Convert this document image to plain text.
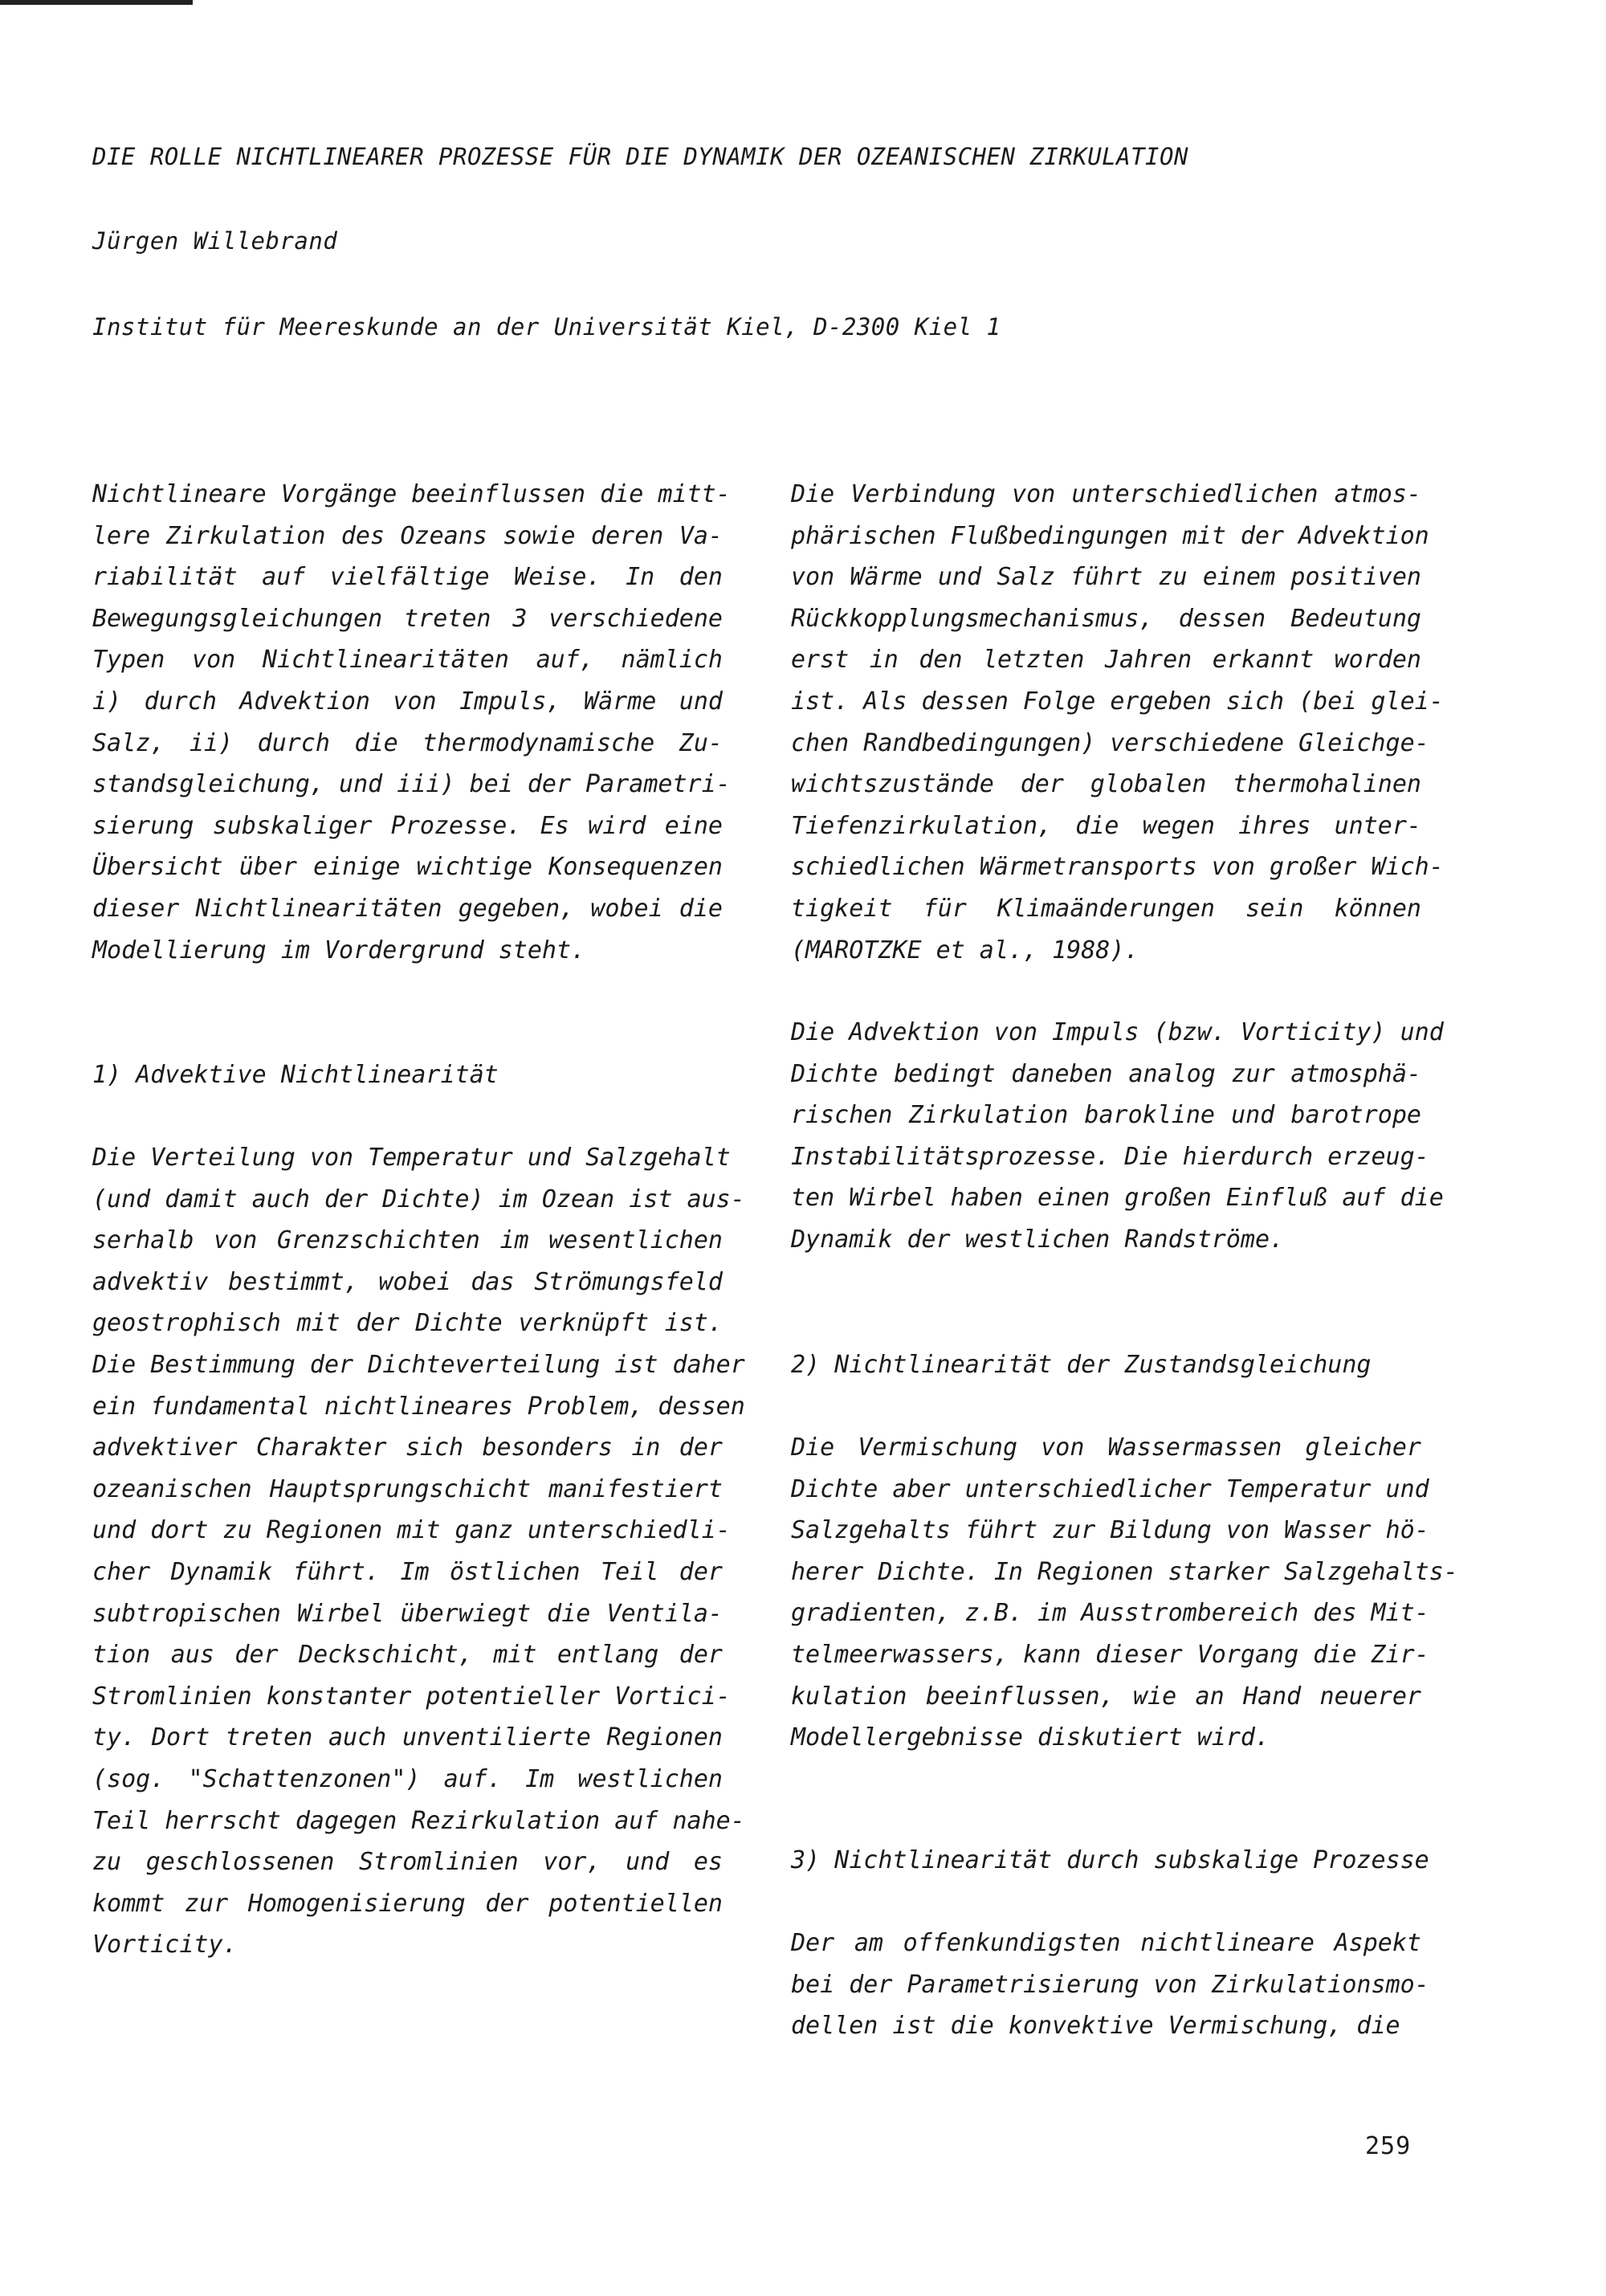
DIE ROLLE NICHTLINEARER PROZESSE FÜR DIE DYNAMIK DER OZEANISCHEN ZIRKULATION
Jürgen Willebrand
Institut für Meereskunde an der Universität Kiel, D-2300 Kiel 1
Nichtlineare Vorgänge beeinflussen die mitt-
lere Zirkulation des Ozeans sowie deren Va-
riabilität auf vielfältige Weise. In den
Bewegungsgleichungen treten 3 verschiedene
Typen von Nichtlinearitäten auf, nämlich
i) durch Advektion von Impuls, Wärme und
Salz, ii) durch die thermodynamische Zu-
standsgleichung, und iii) bei der Parametri-
sierung subskaliger Prozesse. Es wird eine
Übersicht über einige wichtige Konsequenzen
dieser Nichtlinearitäten gegeben, wobei die
Modellierung im Vordergrund steht.
1) Advektive Nichtlinearität
Die Verteilung von Temperatur und Salzgehalt
(und damit auch der Dichte) im Ozean ist aus-
serhalb von Grenzschichten im wesentlichen
advektiv bestimmt, wobei das Strömungsfeld
geostrophisch mit der Dichte verknüpft ist.
Die Bestimmung der Dichteverteilung ist daher
ein fundamental nichtlineares Problem, dessen
advektiver Charakter sich besonders in der
ozeanischen Hauptsprungschicht manifestiert
und dort zu Regionen mit ganz unterschiedli-
cher Dynamik führt. Im östlichen Teil der
subtropischen Wirbel überwiegt die Ventila-
tion aus der Deckschicht, mit entlang der
Stromlinien konstanter potentieller Vortici-
ty. Dort treten auch unventilierte Regionen
(sog. "Schattenzonen") auf. Im westlichen
Teil herrscht dagegen Rezirkulation auf nahe-
zu geschlossenen Stromlinien vor, und es
kommt zur Homogenisierung der potentiellen
Vorticity.
Die Verbindung von unterschiedlichen atmos-
phärischen Flußbedingungen mit der Advektion
von Wärme und Salz führt zu einem positiven
Rückkopplungsmechanismus, dessen Bedeutung
erst in den letzten Jahren erkannt worden
ist. Als dessen Folge ergeben sich (bei glei-
chen Randbedingungen) verschiedene Gleichge-
wichtszustände der globalen thermohalinen
Tiefenzirkulation, die wegen ihres unter-
schiedlichen Wärmetransports von großer Wich-
tigkeit für Klimaänderungen sein können
(MAROTZKE et al., 1988).
Die Advektion von Impuls (bzw. Vorticity) und
Dichte bedingt daneben analog zur atmosphä-
rischen Zirkulation barokline und barotrope
Instabilitätsprozesse. Die hierdurch erzeug-
ten Wirbel haben einen großen Einfluß auf die
Dynamik der westlichen Randströme.
2) Nichtlinearität der Zustandsgleichung
Die Vermischung von Wassermassen gleicher
Dichte aber unterschiedlicher Temperatur und
Salzgehalts führt zur Bildung von Wasser hö-
herer Dichte. In Regionen starker Salzgehalts-
gradienten, z.B. im Ausstrombereich des Mit-
telmeerwassers, kann dieser Vorgang die Zir-
kulation beeinflussen, wie an Hand neuerer
Modellergebnisse diskutiert wird.
3) Nichtlinearität durch subskalige Prozesse
Der am offenkundigsten nichtlineare Aspekt
bei der Parametrisierung von Zirkulationsmo-
dellen ist die konvektive Vermischung, die
259
